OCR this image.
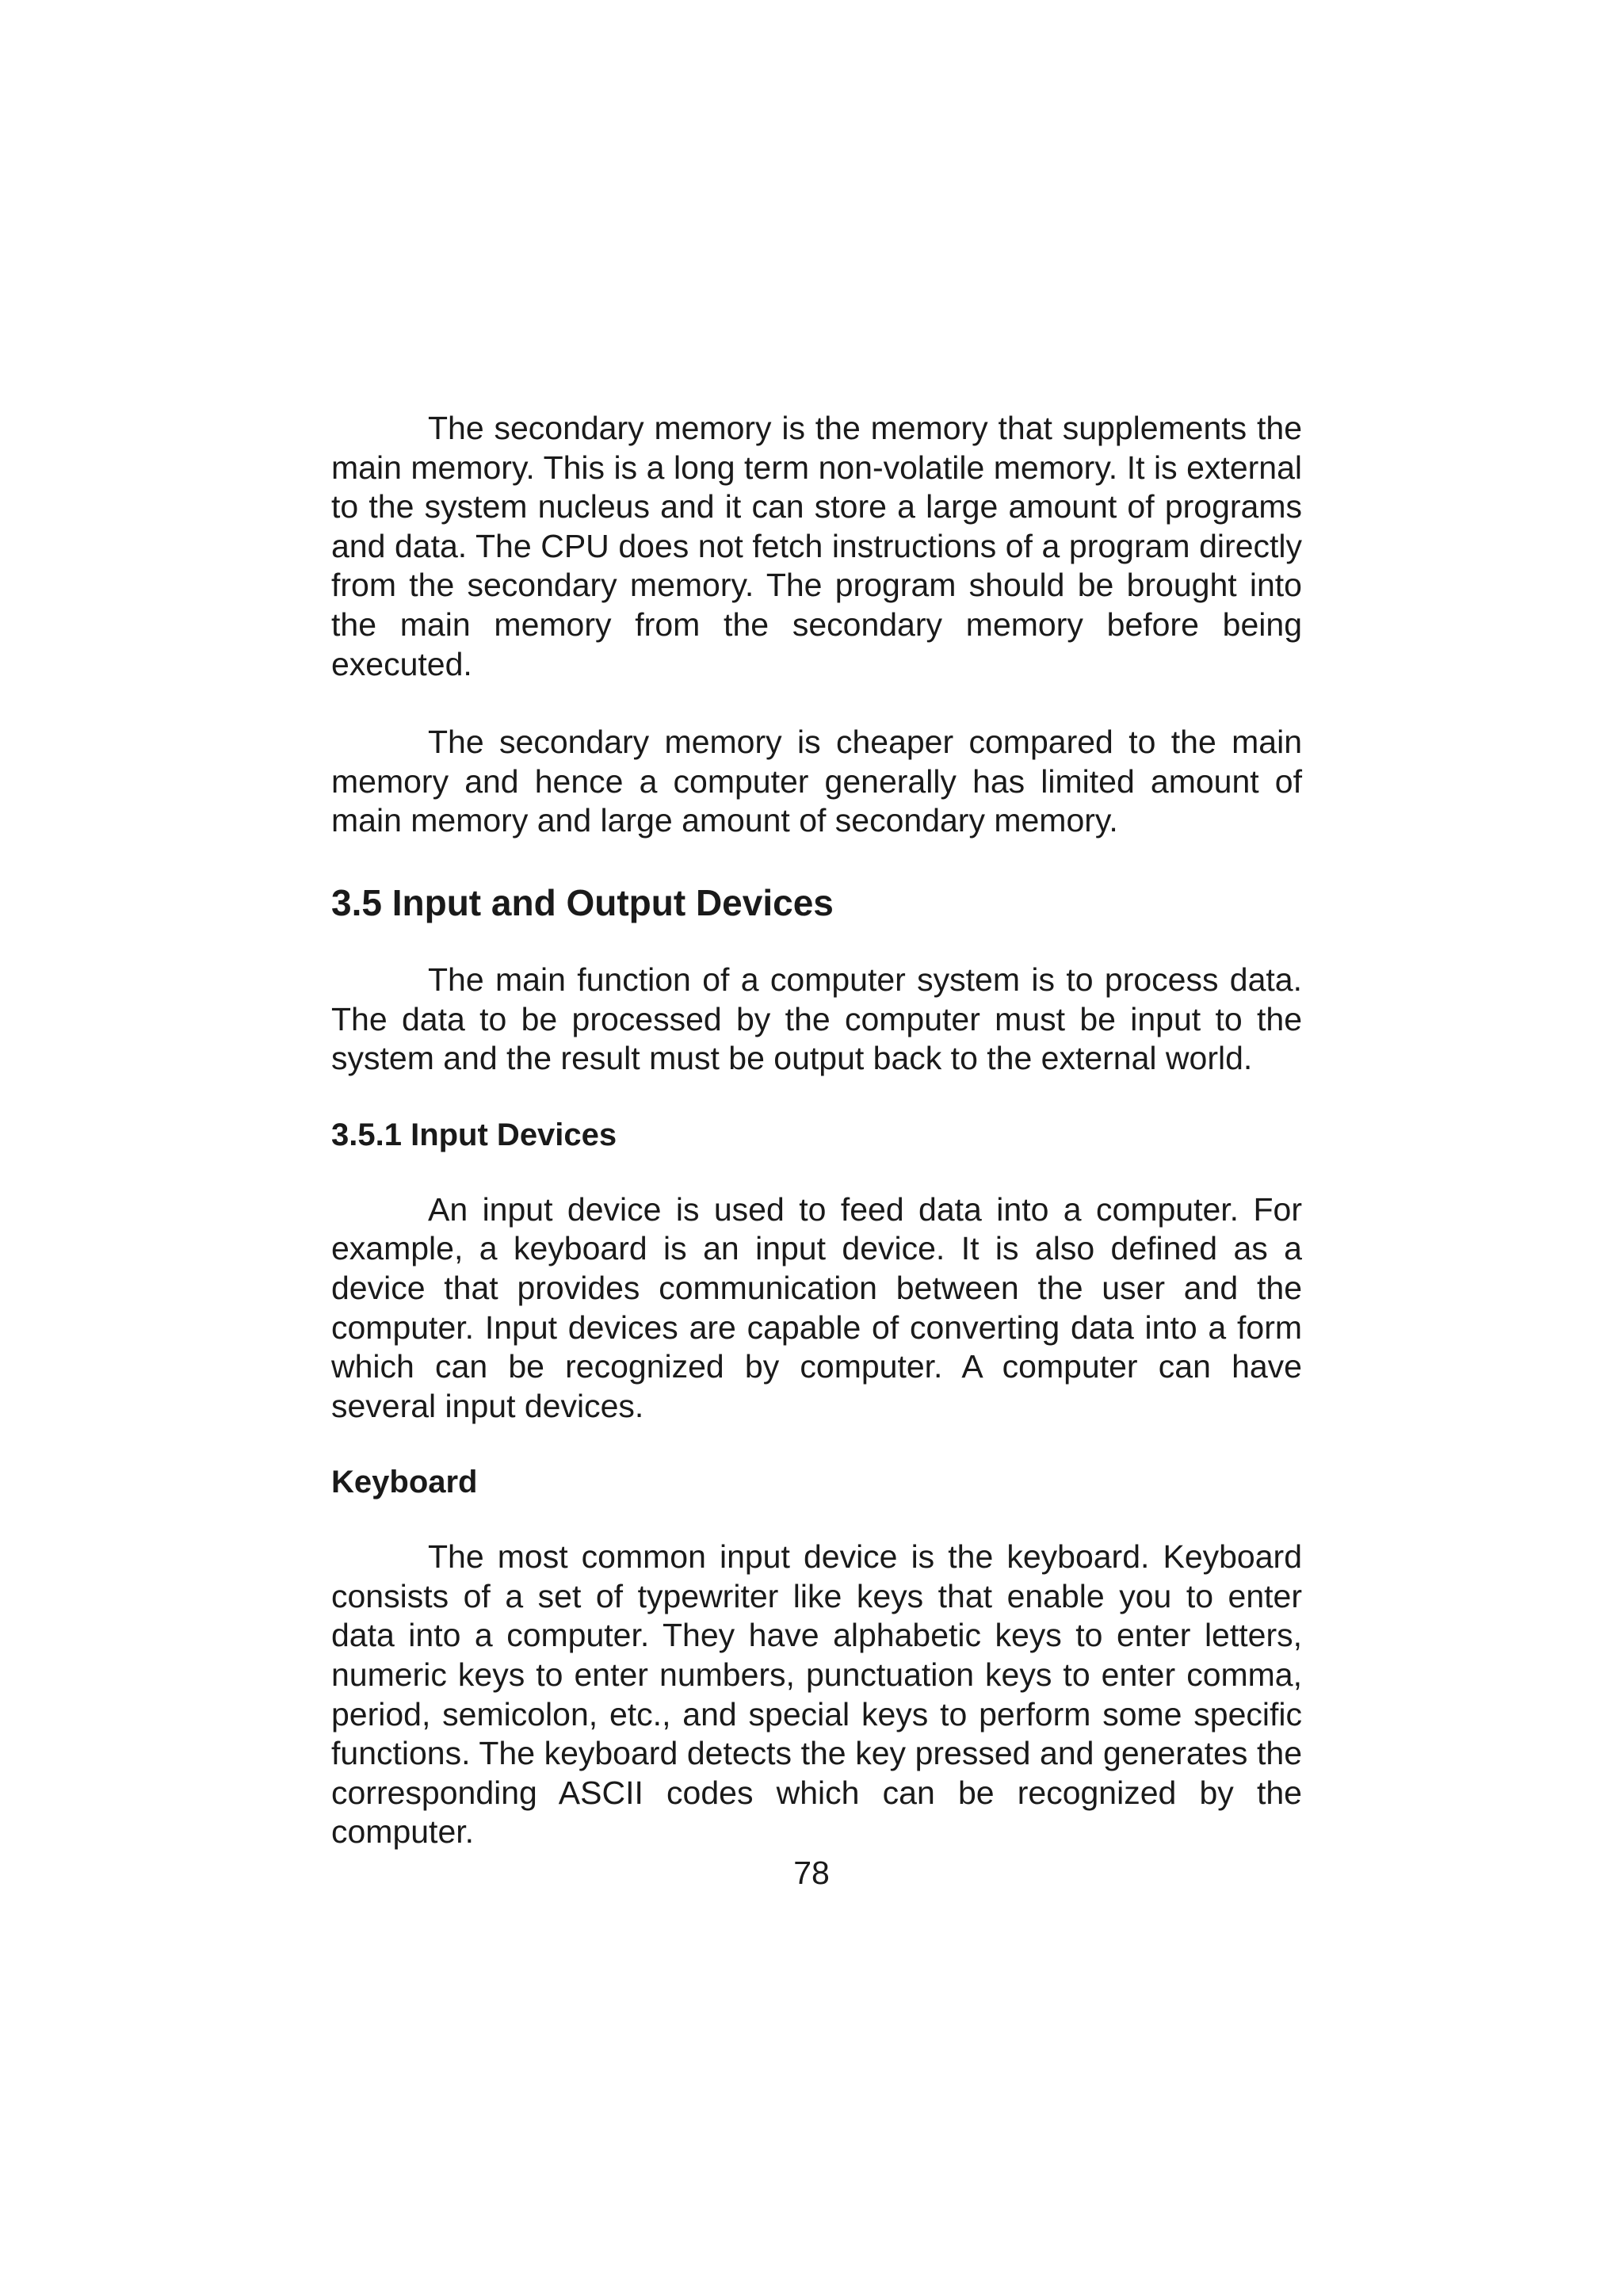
The secondary memory is the memory that supplements the main memory. This is a long term non-volatile memory. It is external to the system nucleus and it can store a large amount of programs and data. The CPU does not fetch instructions of a program directly from the secondary memory. The program should be brought into the main memory from the secondary memory before being executed.

The secondary memory is cheaper compared to the main memory and hence a computer generally has limited amount of main memory and large amount of secondary memory.

3.5 Input and Output Devices

The main function of a computer system is to process data. The data to be processed by the computer must be input to the system and the result must be output back to the external world.

3.5.1 Input Devices

An input device is used to feed data into a computer. For example, a keyboard is an input device. It is also defined as a device that provides communication between the user and the computer. Input devices are capable of converting data into a form which can be recognized by computer. A computer can have several input devices.

Keyboard

The most common input device is the keyboard. Keyboard consists of a set of typewriter like keys that enable you to enter data into a computer. They have alphabetic keys to enter letters, numeric keys to enter numbers, punctuation keys to enter comma, period, semicolon, etc., and special keys to perform some specific functions. The keyboard detects the key pressed and generates the corresponding ASCII codes which can be recognized by the computer.

78
